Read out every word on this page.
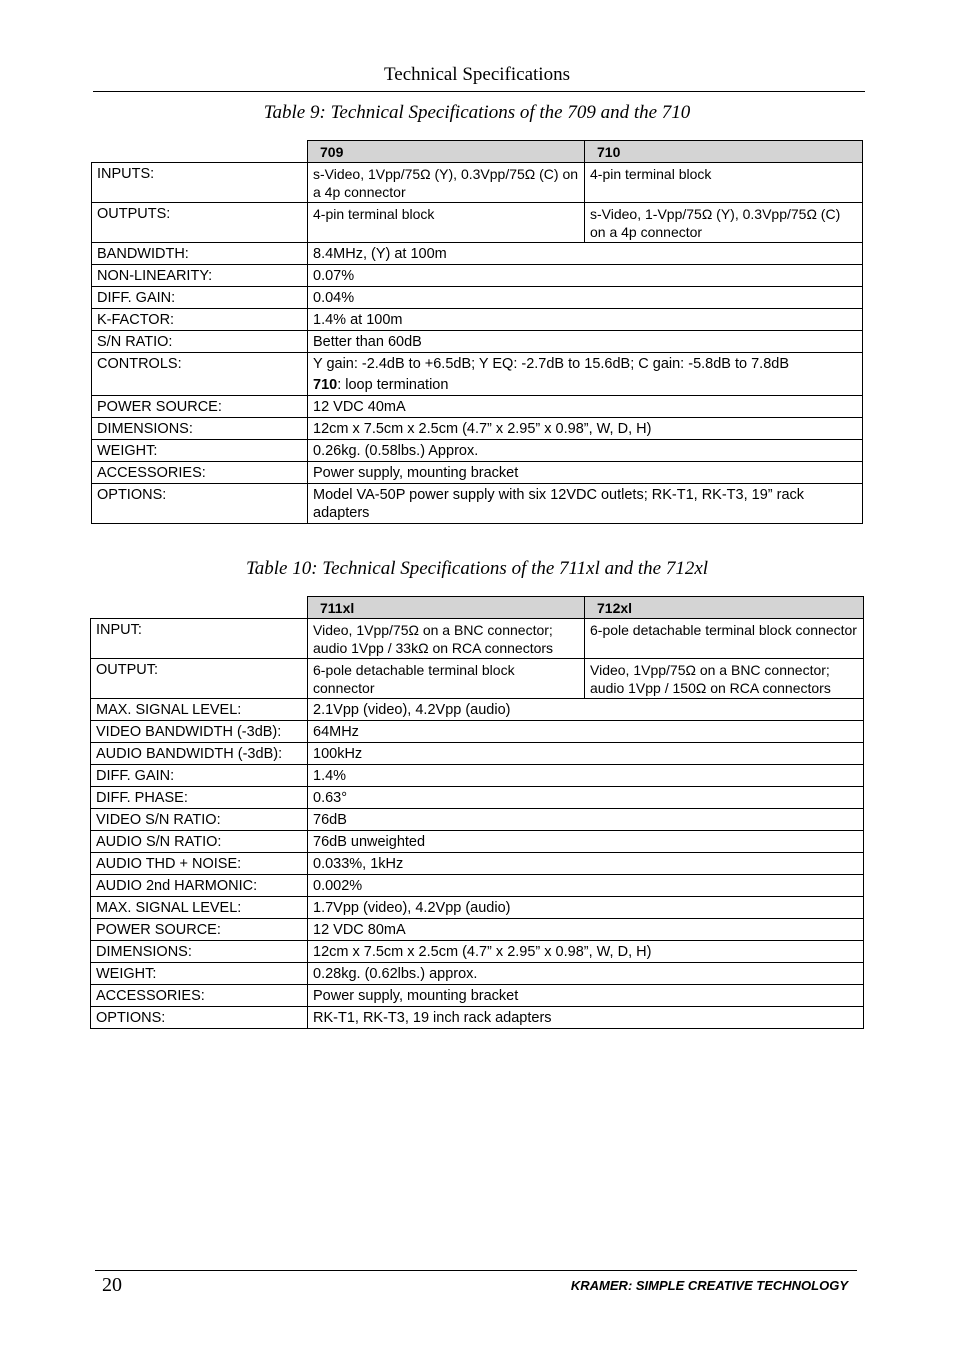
Technical Specifications
Table 9: Technical Specifications of the 709 and the 710
	709	710
INPUTS:	s-Video, 1Vpp/75Ω (Y), 0.3Vpp/75Ω (C) on a 4p connector	4-pin terminal block
OUTPUTS:	4-pin terminal block	s-Video, 1-Vpp/75Ω (Y), 0.3Vpp/75Ω (C) on a 4p connector
BANDWIDTH:	8.4MHz, (Y) at 100m	
NON-LINEARITY:	0.07%	
DIFF. GAIN:	0.04%	
K-FACTOR:	1.4% at 100m	
S/N RATIO:	Better than 60dB	
CONTROLS:	Y gain: -2.4dB to +6.5dB; Y EQ: -2.7dB to 15.6dB; C gain: -5.8dB to 7.8dB
710: loop termination	

POWER SOURCE:	12 VDC 40mA	
DIMENSIONS:	12cm x 7.5cm x 2.5cm (4.7” x 2.95” x 0.98”, W, D, H)	
WEIGHT:	0.26kg. (0.58lbs.) Approx.	
ACCESSORIES:	Power supply, mounting bracket	
OPTIONS:	Model VA-50P power supply with six 12VDC outlets; RK-T1, RK-T3, 19” rack adapters	
Table 10: Technical Specifications of the 711xl and the 712xl
	711xl	712xl
INPUT:	Video, 1Vpp/75Ω on a BNC connector; audio 1Vpp / 33kΩ on RCA connectors	6-pole detachable terminal block connector
OUTPUT:	6-pole detachable terminal block connector	Video, 1Vpp/75Ω on a BNC connector; audio 1Vpp / 150Ω on RCA connectors
MAX. SIGNAL LEVEL:	2.1Vpp (video), 4.2Vpp (audio)	
VIDEO BANDWIDTH (-3dB):	64MHz	
AUDIO BANDWIDTH (-3dB):	100kHz	
DIFF. GAIN:	1.4%	
DIFF. PHASE:	0.63°	
VIDEO S/N RATIO:	76dB	
AUDIO S/N RATIO:	76dB unweighted	
AUDIO THD + NOISE:	0.033%, 1kHz	
AUDIO 2nd HARMONIC:	0.002%	
MAX. SIGNAL LEVEL:	1.7Vpp (video), 4.2Vpp (audio)	
POWER SOURCE:	12 VDC 80mA	
DIMENSIONS:	12cm x 7.5cm x 2.5cm (4.7” x 2.95” x 0.98”, W, D, H)	
WEIGHT:	0.28kg. (0.62lbs.) approx.	
ACCESSORIES:	Power supply, mounting bracket	
OPTIONS:	RK-T1, RK-T3, 19 inch rack adapters	
20	KRAMER: SIMPLE CREATIVE TECHNOLOGY
